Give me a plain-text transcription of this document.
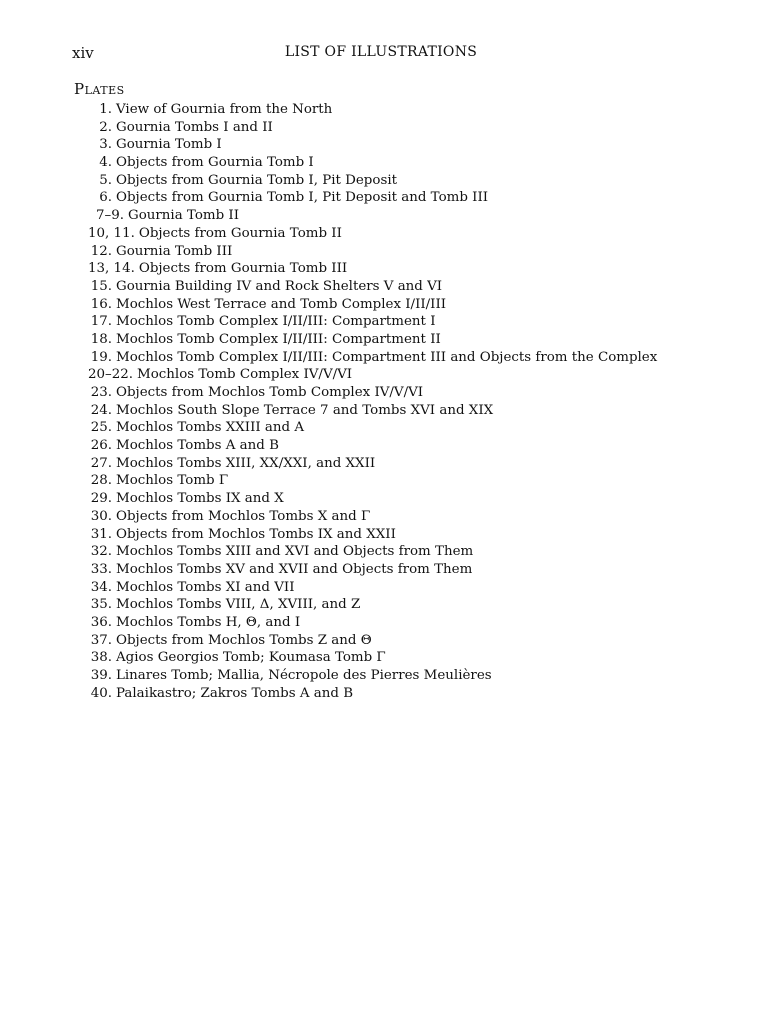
xiv	LIST OF ILLUSTRATIONS
Plates
1. View of Gournia from the North
2. Gournia Tombs I and II
3. Gournia Tomb I
4. Objects from Gournia Tomb I
5. Objects from Gournia Tomb I, Pit Deposit
6. Objects from Gournia Tomb I, Pit Deposit and Tomb III
7–9. Gournia Tomb II
10, 11. Objects from Gournia Tomb II
12. Gournia Tomb III
13, 14. Objects from Gournia Tomb III
15. Gournia Building IV and Rock Shelters V and VI
16. Mochlos West Terrace and Tomb Complex I/II/III
17. Mochlos Tomb Complex I/II/III: Compartment I
18. Mochlos Tomb Complex I/II/III: Compartment II
19. Mochlos Tomb Complex I/II/III: Compartment III and Objects from the Complex
20–22. Mochlos Tomb Complex IV/V/VI
23. Objects from Mochlos Tomb Complex IV/V/VI
24. Mochlos South Slope Terrace 7 and Tombs XVI and XIX
25. Mochlos Tombs XXIII and A
26. Mochlos Tombs A and B
27. Mochlos Tombs XIII, XX/XXI, and XXII
28. Mochlos Tomb Γ
29. Mochlos Tombs IX and X
30. Objects from Mochlos Tombs X and Γ
31. Objects from Mochlos Tombs IX and XXII
32. Mochlos Tombs XIII and XVI and Objects from Them
33. Mochlos Tombs XV and XVII and Objects from Them
34. Mochlos Tombs XI and VII
35. Mochlos Tombs VIII, Δ, XVIII, and Z
36. Mochlos Tombs H, Θ, and I
37. Objects from Mochlos Tombs Z and Θ
38. Agios Georgios Tomb; Koumasa Tomb Γ
39. Linares Tomb; Mallia, Nécropole des Pierres Meulières
40. Palaikastro; Zakros Tombs A and B
